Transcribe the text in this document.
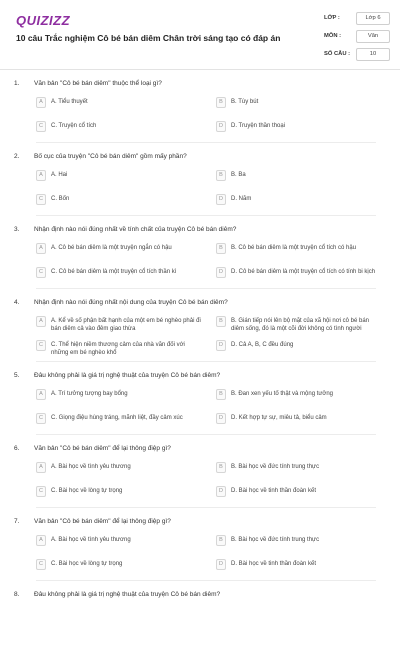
QUIZIZZ
10 câu Trắc nghiệm Cô bé bán diêm Chân trời sáng tạo có đáp án
LỚP :	Lớp 6
MÔN :	Văn
SỐ CÂU :	10
1. Văn bản "Cô bé bán diêm" thuộc thể loại gì?
A	A. Tiểu thuyết	B	B. Tùy bút
C	C. Truyện cổ tích	D	D. Truyện thần thoại
2. Bố cục của truyện "Cô bé bán diêm" gồm mấy phần?
A	A. Hai	B	B. Ba
C	C. Bốn	D	D. Năm
3. Nhận định nào nói đúng nhất về tính chất của truyện Cô bé bán diêm?
A	A. Cô bé bán diêm là một truyện ngắn có hậu	B	B. Cô bé bán diêm là một truyện cổ tích có hậu
C	C. Cô bé bán diêm là một truyện cổ tích thần kì	D	D. Cô bé bán diêm là một truyện cổ tích có tính bi kịch
4. Nhận định nào nói đúng nhất nội dung của truyện Cô bé bán diêm?
A	A. Kể về số phận bất hạnh của một em bé nghèo phải đi bán diêm cả vào đêm giao thừa
B	B. Gián tiếp nói lên bộ mặt của xã hội nơi cô bé bán diêm sống, đó là một cõi đời không có tình người
C	C. Thể hiện niềm thương cảm của nhà văn đối với những em bé nghèo khổ
D	D. Cả A, B, C đều đúng
5. Đâu không phải là giá trị nghệ thuật của truyện Cô bé bán diêm?
A	A. Trí tưởng tượng bay bổng	B	B. Đan xen yếu tố thật và mộng tưởng
C	C. Giọng điệu hùng tráng, mãnh liệt, đầy cảm xúc	D	D. Kết hợp tự sự, miêu tả, biểu cảm
6. Văn bản "Cô bé bán diêm" để lại thông điệp gì?
A	A. Bài học về tình yêu thương	B	B. Bài học về đức tính trung thực
C	C. Bài học về lòng tự trọng	D	D. Bài học về tinh thần đoàn kết
7. Văn bản "Cô bé bán diêm" để lại thông điệp gì?
A	A. Bài học về tình yêu thương	B	B. Bài học về đức tính trung thực
C	C. Bài học về lòng tự trọng	D	D. Bài học về tinh thần đoàn kết
8. Đâu không phải là giá trị nghệ thuật của truyện Cô bé bán diêm?
